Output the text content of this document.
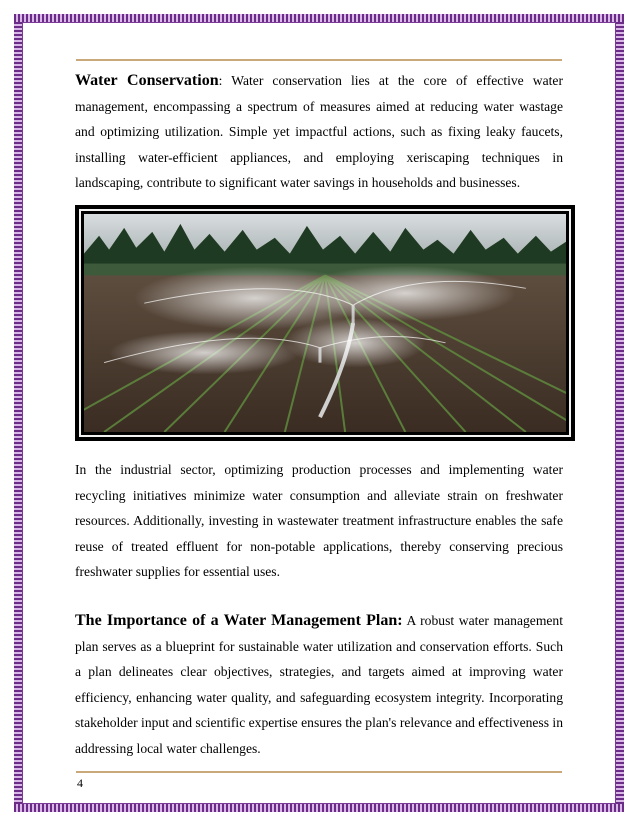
Water Conservation: Water conservation lies at the core of effective water management, encompassing a spectrum of measures aimed at reducing water wastage and optimizing utilization. Simple yet impactful actions, such as fixing leaky faucets, installing water-efficient appliances, and employing xeriscaping techniques in landscaping, contribute to significant water savings in households and businesses.

In the industrial sector, optimizing production processes and implementing water recycling initiatives minimize water consumption and alleviate strain on freshwater resources. Additionally, investing in wastewater treatment infrastructure enables the safe reuse of treated effluent for non-potable applications, thereby conserving precious freshwater supplies for essential uses.

The Importance of a Water Management Plan: A robust water management plan serves as a blueprint for sustainable water utilization and conservation efforts. Such a plan delineates clear objectives, strategies, and targets aimed at improving water efficiency, enhancing water quality, and safeguarding ecosystem integrity. Incorporating stakeholder input and scientific expertise ensures the plan's relevance and effectiveness in addressing local water challenges.

4
